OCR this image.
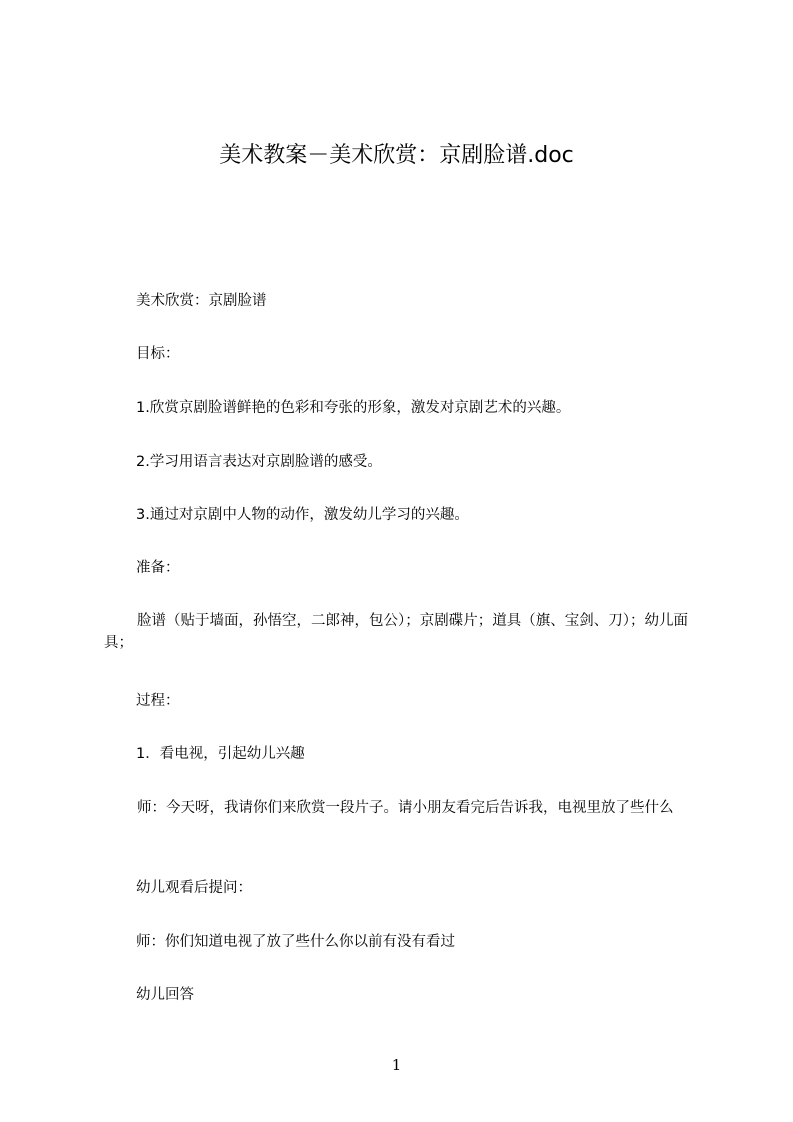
美术教案－美术欣赏：京剧脸谱.doc
美术欣赏：京剧脸谱
目标：
1.欣赏京剧脸谱鲜艳的色彩和夸张的形象，激发对京剧艺术的兴趣。
2.学习用语言表达对京剧脸谱的感受。
3.通过对京剧中人物的动作，激发幼儿学习的兴趣。
准备：
脸谱（贴于墙面，孙悟空，二郎神，包公）；京剧碟片；道具（旗、宝剑、刀）；幼儿面具；
过程：
1．看电视，引起幼儿兴趣
师：今天呀，我请你们来欣赏一段片子。请小朋友看完后告诉我，电视里放了些什么
幼儿观看后提问：
师：你们知道电视了放了些什么你以前有没有看过
幼儿回答
1
